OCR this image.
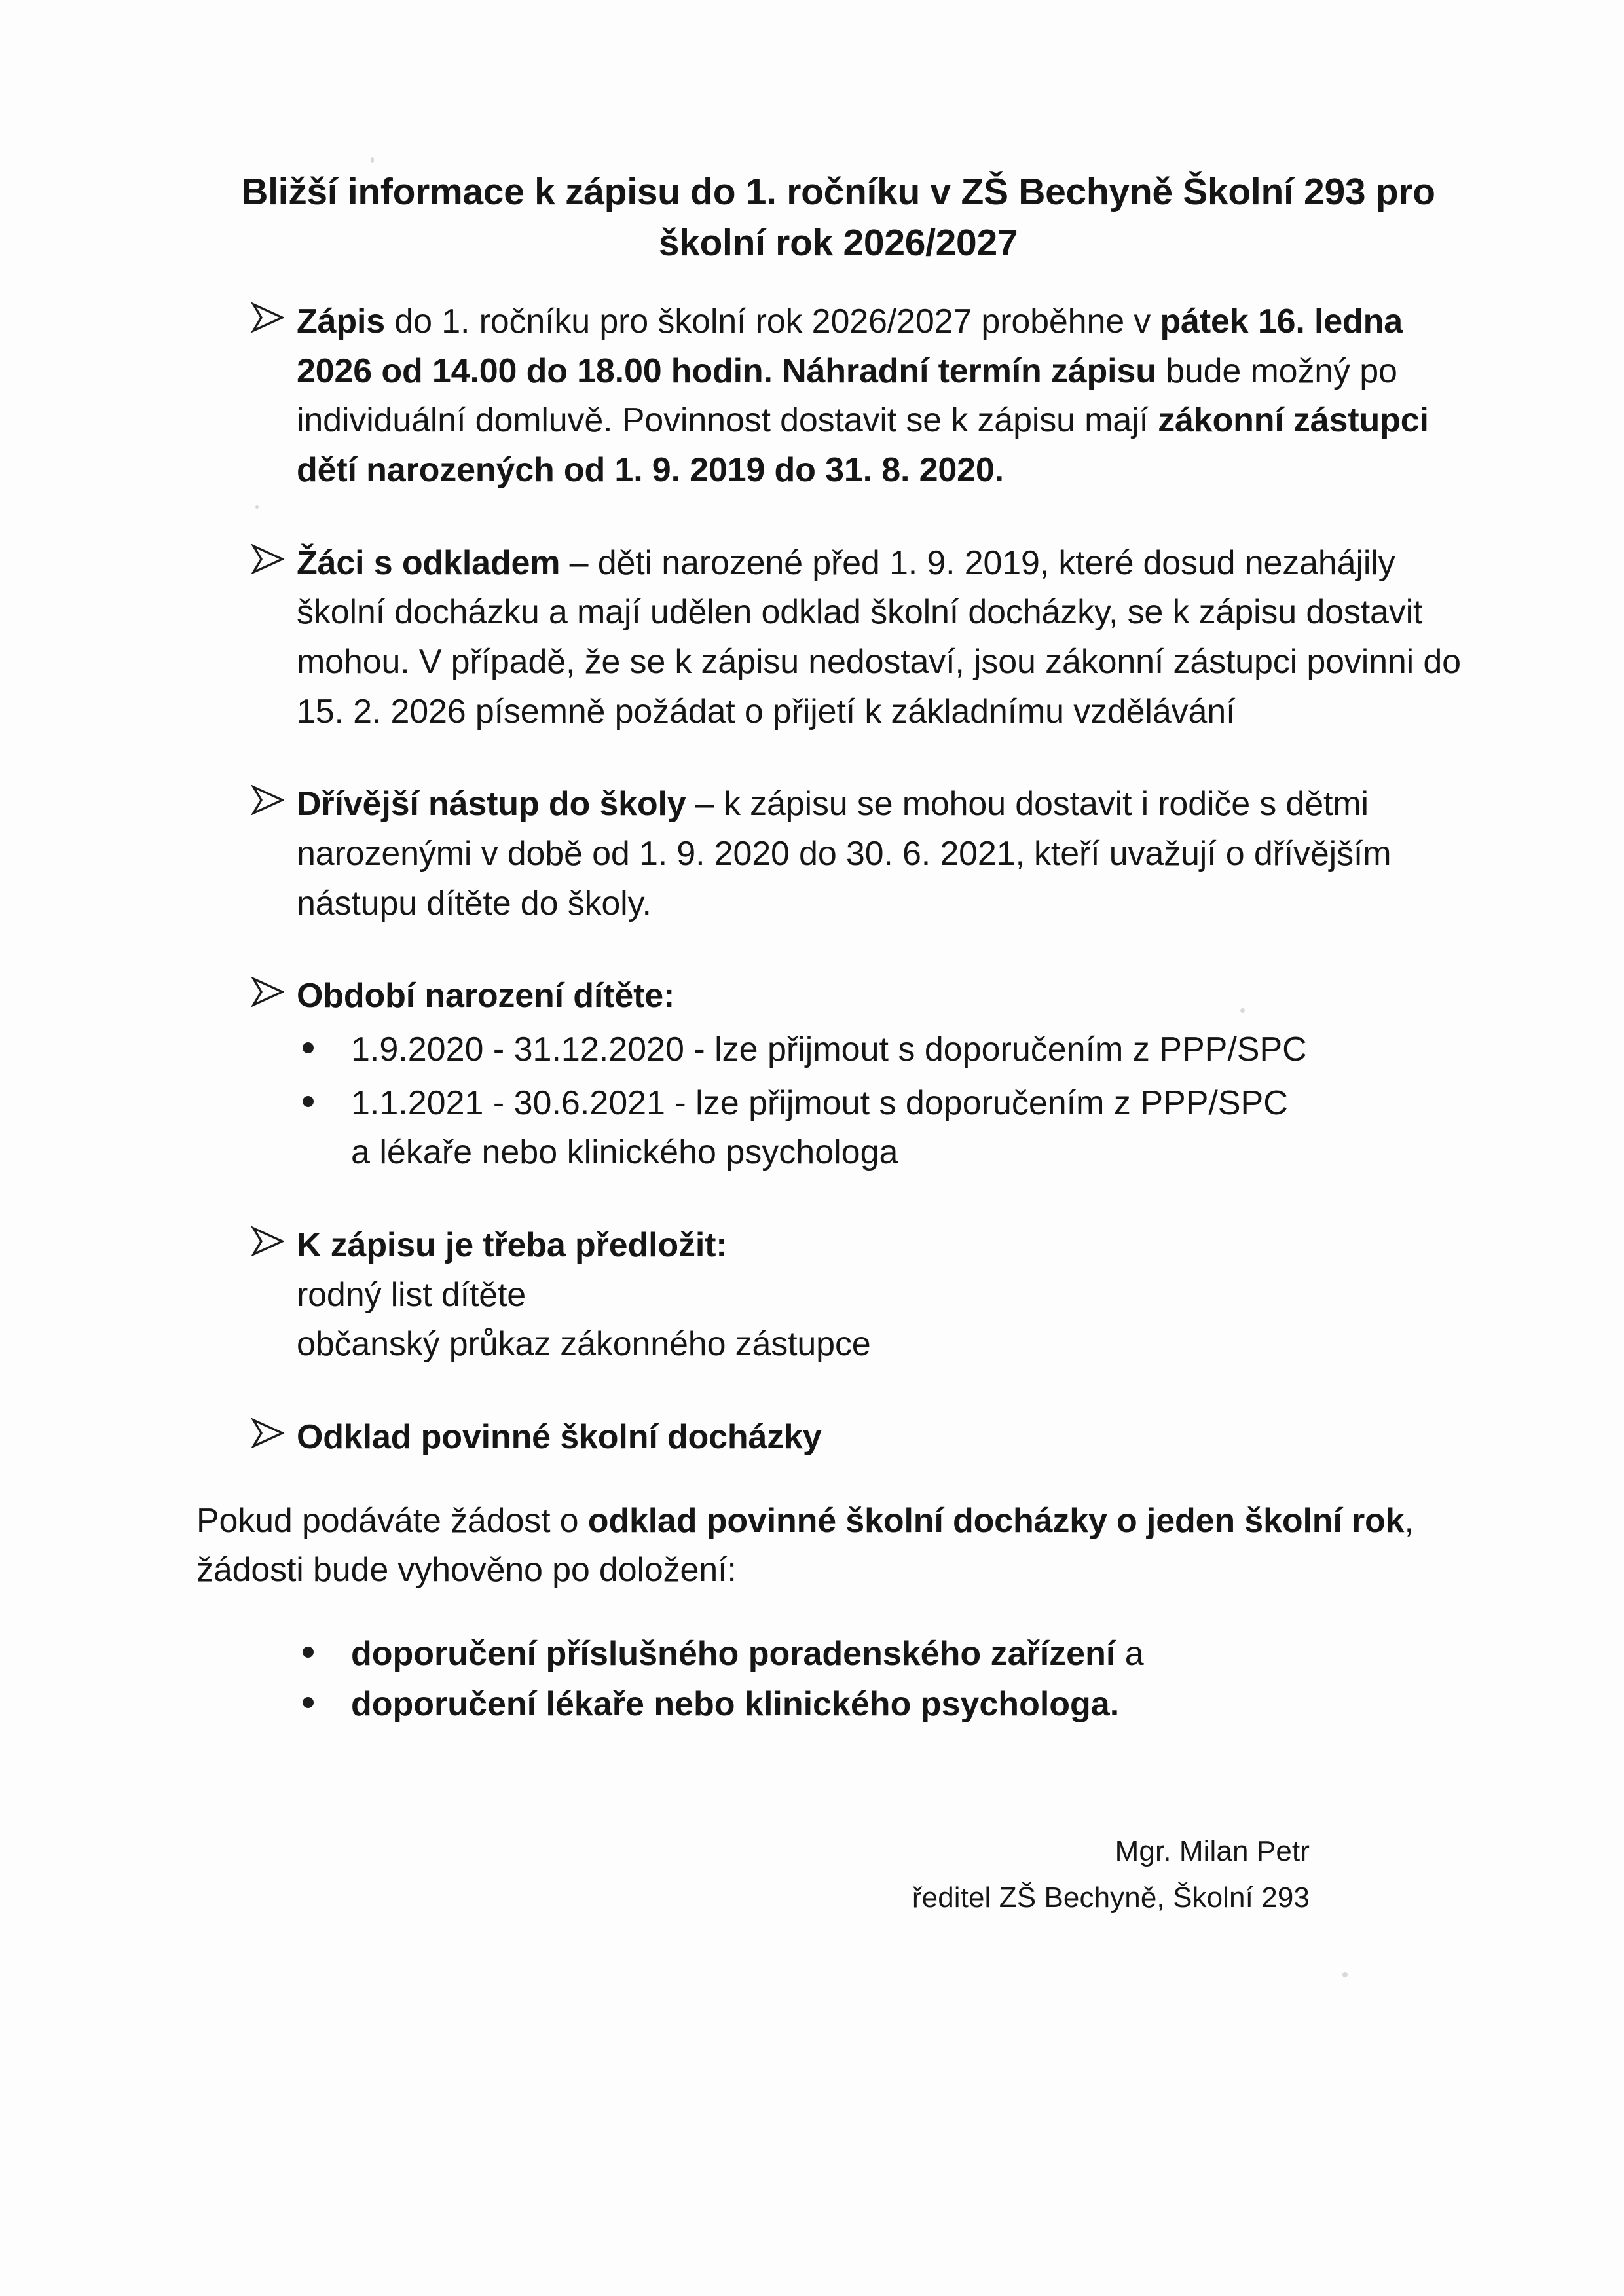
Bližší informace k zápisu do 1. ročníku v ZŠ Bechyně Školní 293 pro
školní rok 2026/2027
Zápis do 1. ročníku pro školní rok 2026/2027 proběhne v pátek 16. ledna 2026 od 14.00 do 18.00 hodin. Náhradní termín zápisu bude možný po individuální domluvě. Povinnost dostavit se k zápisu mají zákonní zástupci dětí narozených od 1. 9. 2019 do 31. 8. 2020.
Žáci s odkladem – děti narozené před 1. 9. 2019, které dosud nezahájily školní docházku a mají udělen odklad školní docházky, se k zápisu dostavit mohou. V případě, že se k zápisu nedostaví, jsou zákonní zástupci povinni do 15. 2. 2026 písemně požádat o přijetí k základnímu vzdělávání
Dřívější nástup do školy – k zápisu se mohou dostavit i rodiče s dětmi narozenými v době od 1. 9. 2020 do 30. 6. 2021, kteří uvažují o dřívějším nástupu dítěte do školy.
Období narození dítěte:
1.9.2020 - 31.12.2020 - lze přijmout s doporučením z PPP/SPC
1.1.2021 - 30.6.2021 - lze přijmout s doporučením z PPP/SPC
a lékaře nebo klinického psychologa
K zápisu je třeba předložit:
rodný list dítěte
občanský průkaz zákonného zástupce
Odklad povinné školní docházky

Pokud podáváte žádost o odklad povinné školní docházky o jeden školní rok, žádosti bude vyhověno po doložení:

doporučení příslušného poradenského zařízení a
doporučení lékaře nebo klinického psychologa.
Mgr. Milan Petr
ředitel ZŠ Bechyně, Školní 293
